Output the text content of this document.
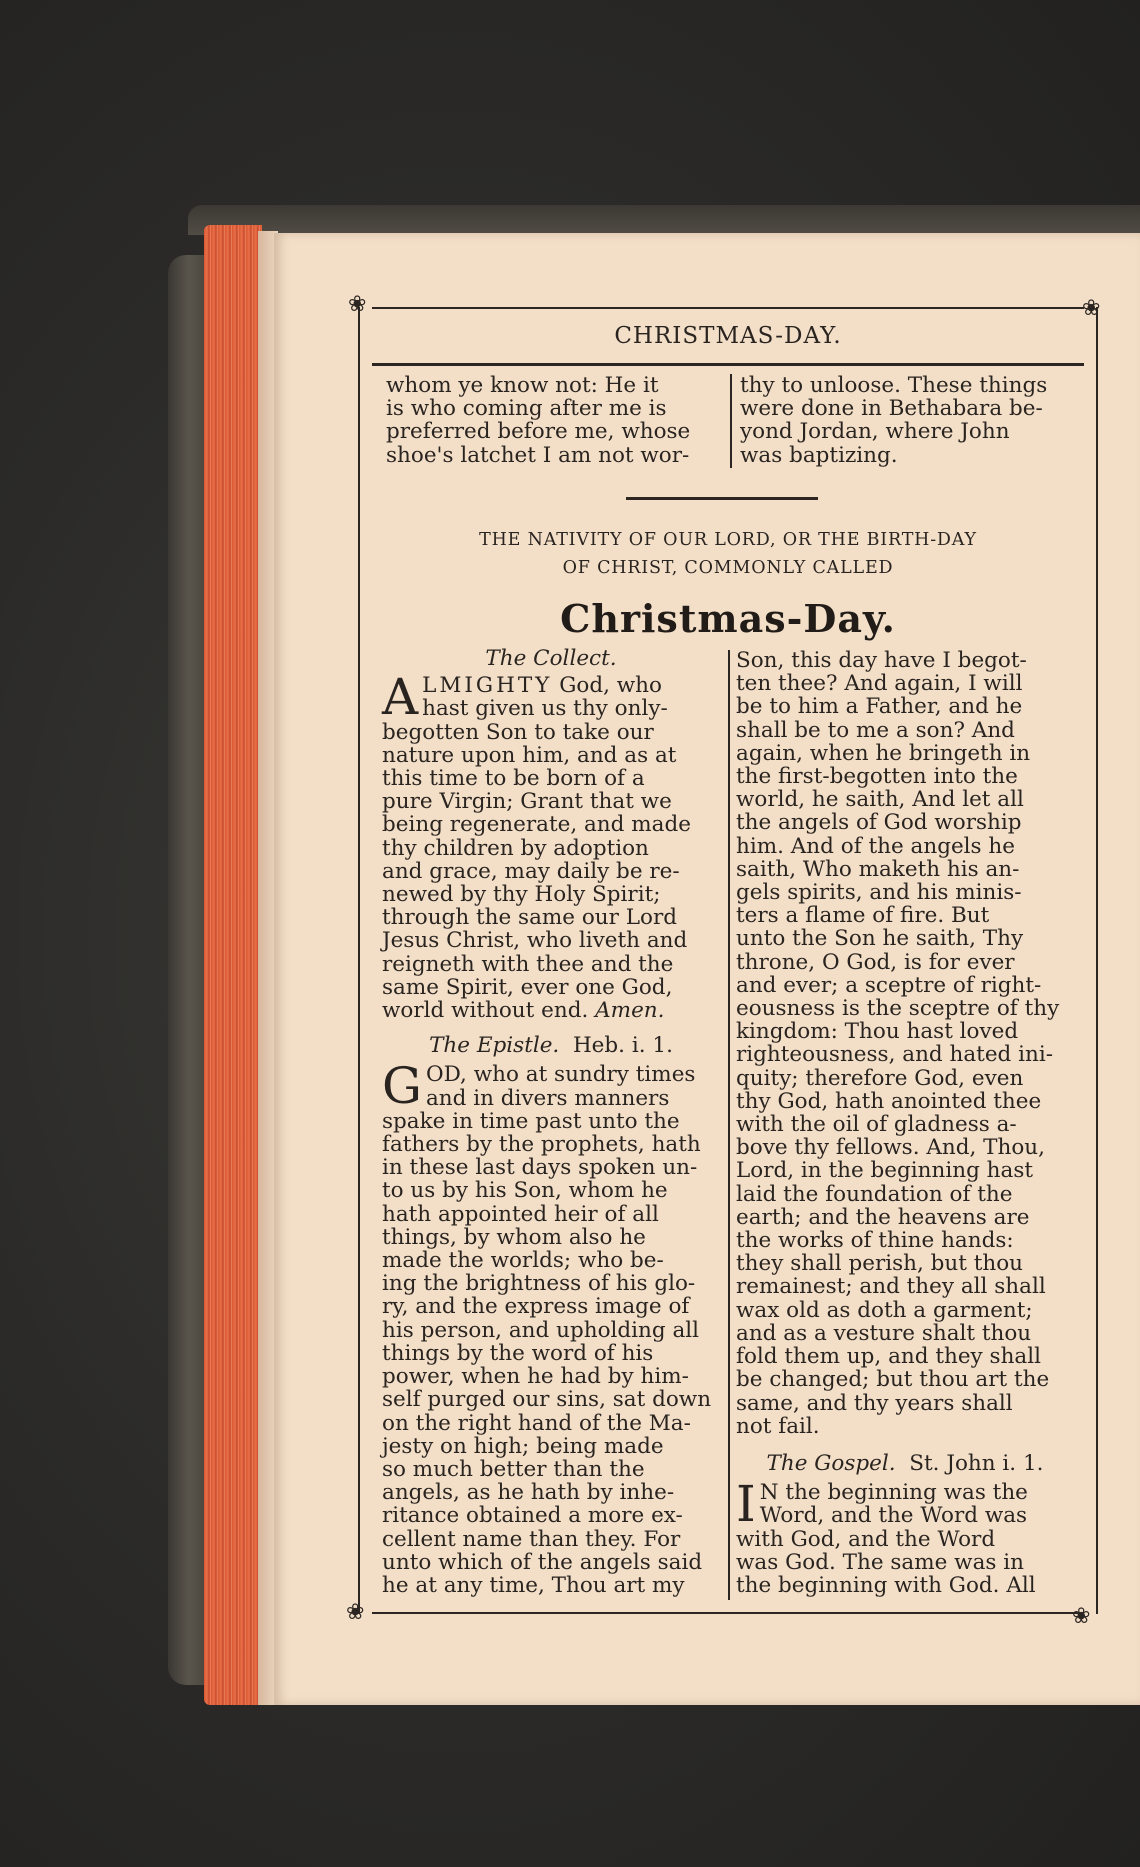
❀	❀
❀	❀
CHRISTMAS-DAY.
whom ye know not: He it
is who coming after me is
preferred before me, whose
shoe's latchet I am not wor-
thy to unloose. These things
were done in Bethabara be-
yond Jordan, where John
was baptizing.
THE NATIVITY OF OUR LORD, OR THE BIRTH-DAY
OF CHRIST, COMMONLY CALLED
Christmas-Day.
The Collect.
A LMIGHTY God, who
hast given us thy only-
begotten Son to take our
nature upon him, and as at
this time to be born of a
pure Virgin; Grant that we
being regenerate, and made
thy children by adoption
and grace, may daily be re-
newed by thy Holy Spirit;
through the same our Lord
Jesus Christ, who liveth and
reigneth with thee and the
same Spirit, ever one God,
world without end. Amen.
The Epistle. Heb. i. 1.
G OD, who at sundry times
and in divers manners
spake in time past unto the
fathers by the prophets, hath
in these last days spoken un-
to us by his Son, whom he
hath appointed heir of all
things, by whom also he
made the worlds; who be-
ing the brightness of his glo-
ry, and the express image of
his person, and upholding all
things by the word of his
power, when he had by him-
self purged our sins, sat down
on the right hand of the Ma-
jesty on high; being made
so much better than the
angels, as he hath by inhe-
ritance obtained a more ex-
cellent name than they. For
unto which of the angels said
he at any time, Thou art my
Son, this day have I begot-
ten thee? And again, I will
be to him a Father, and he
shall be to me a son? And
again, when he bringeth in
the first-begotten into the
world, he saith, And let all
the angels of God worship
him. And of the angels he
saith, Who maketh his an-
gels spirits, and his minis-
ters a flame of fire. But
unto the Son he saith, Thy
throne, O God, is for ever
and ever; a sceptre of right-
eousness is the sceptre of thy
kingdom: Thou hast loved
righteousness, and hated ini-
quity; therefore God, even
thy God, hath anointed thee
with the oil of gladness a-
bove thy fellows. And, Thou,
Lord, in the beginning hast
laid the foundation of the
earth; and the heavens are
the works of thine hands:
they shall perish, but thou
remainest; and they all shall
wax old as doth a garment;
and as a vesture shalt thou
fold them up, and they shall
be changed; but thou art the
same, and thy years shall
not fail.
The Gospel. St. John i. 1.
I N the beginning was the
Word, and the Word was
with God, and the Word
was God. The same was in
the beginning with God. All
